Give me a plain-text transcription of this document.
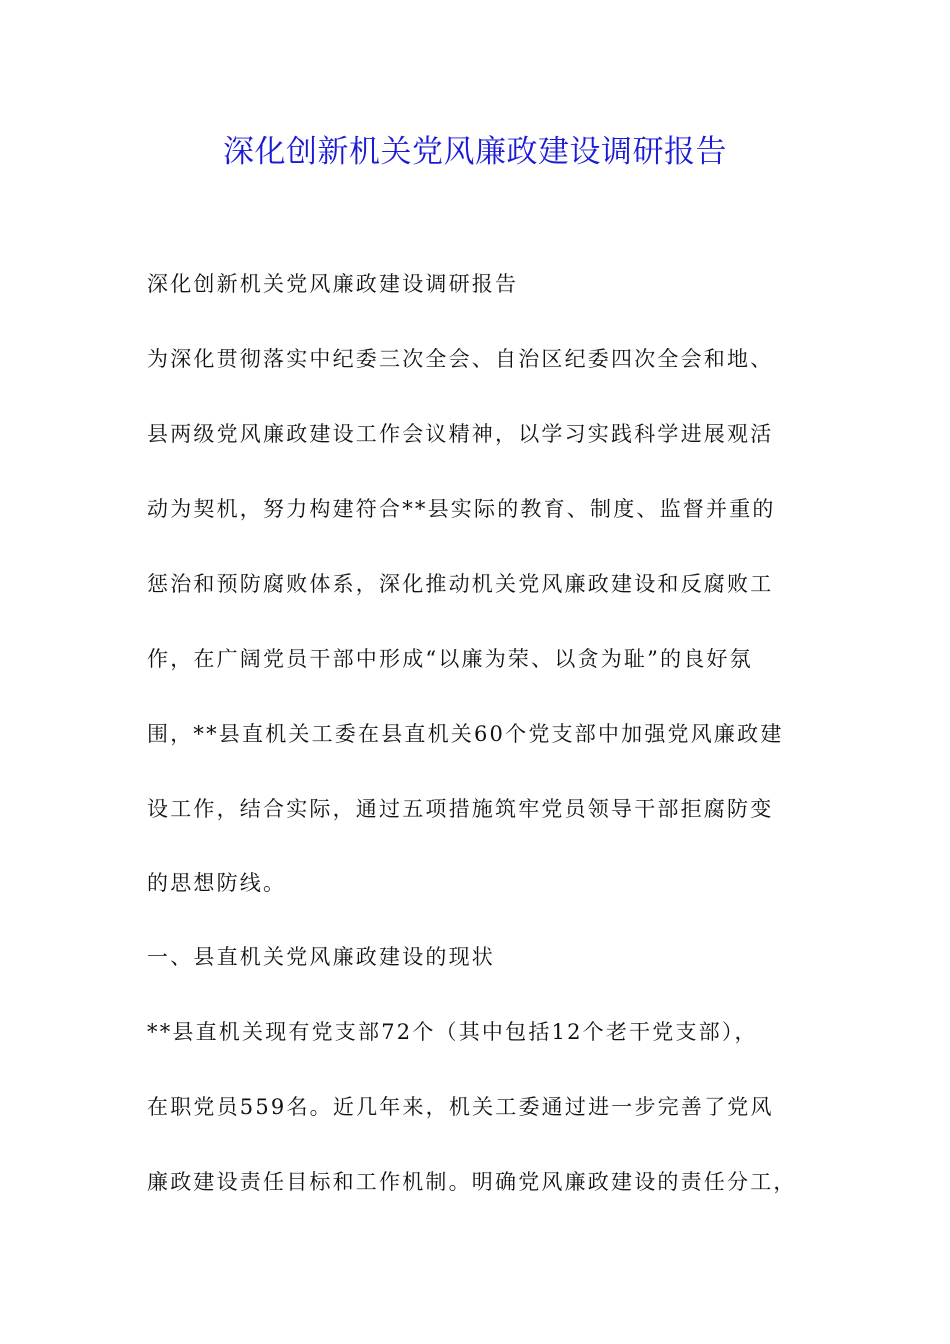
深化创新机关党风廉政建设调研报告
深化创新机关党风廉政建设调研报告
为深化贯彻落实中纪委三次全会、自治区纪委四次全会和地、
县两级党风廉政建设工作会议精神，以学习实践科学进展观活
动为契机，努力构建符合**县实际的教育、制度、监督并重的
惩治和预防腐败体系，深化推动机关党风廉政建设和反腐败工
作，在广阔党员干部中形成“以廉为荣、以贪为耻”的良好氛
围，**县直机关工委在县直机关60个党支部中加强党风廉政建
设工作，结合实际，通过五项措施筑牢党员领导干部拒腐防变
的思想防线。
一、县直机关党风廉政建设的现状
**县直机关现有党支部72个（其中包括12个老干党支部），
在职党员559名。近几年来，机关工委通过进一步完善了党风
廉政建设责任目标和工作机制。明确党风廉政建设的责任分工，
